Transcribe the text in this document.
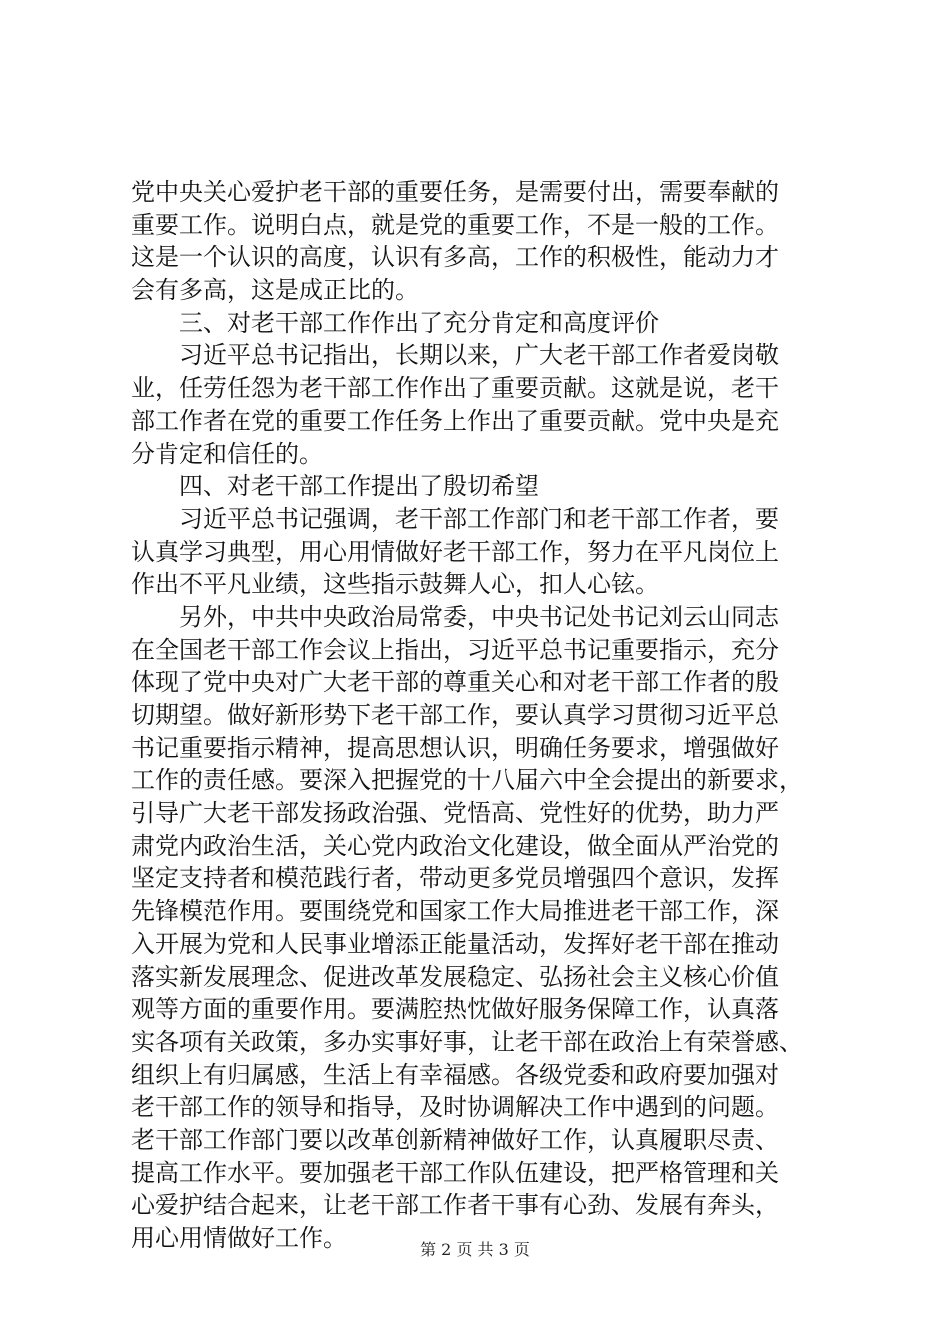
党中央关心爱护老干部的重要任务，是需要付出，需要奉献的
重要工作。说明白点，就是党的重要工作，不是一般的工作。
这是一个认识的高度，认识有多高，工作的积极性，能动力才
会有多高，这是成正比的。
三、对老干部工作作出了充分肯定和高度评价
习近平总书记指出，长期以来，广大老干部工作者爱岗敬
业，任劳任怨为老干部工作作出了重要贡献。这就是说，老干
部工作者在党的重要工作任务上作出了重要贡献。党中央是充
分肯定和信任的。
四、对老干部工作提出了殷切希望
习近平总书记强调，老干部工作部门和老干部工作者，要
认真学习典型，用心用情做好老干部工作，努力在平凡岗位上
作出不平凡业绩，这些指示鼓舞人心，扣人心铉。
另外，中共中央政治局常委，中央书记处书记刘云山同志
在全国老干部工作会议上指出，习近平总书记重要指示，充分
体现了党中央对广大老干部的尊重关心和对老干部工作者的殷
切期望。做好新形势下老干部工作，要认真学习贯彻习近平总
书记重要指示精神，提高思想认识，明确任务要求，增强做好
工作的责任感。要深入把握党的十八届六中全会提出的新要求，
引导广大老干部发扬政治强、党悟高、党性好的优势，助力严
肃党内政治生活，关心党内政治文化建设，做全面从严治党的
坚定支持者和模范践行者，带动更多党员增强四个意识，发挥
先锋模范作用。要围绕党和国家工作大局推进老干部工作，深
入开展为党和人民事业增添正能量活动，发挥好老干部在推动
落实新发展理念、促进改革发展稳定、弘扬社会主义核心价值
观等方面的重要作用。要满腔热忱做好服务保障工作，认真落
实各项有关政策，多办实事好事，让老干部在政治上有荣誉感、
组织上有归属感，生活上有幸福感。各级党委和政府要加强对
老干部工作的领导和指导，及时协调解决工作中遇到的问题。
老干部工作部门要以改革创新精神做好工作，认真履职尽责、
提高工作水平。要加强老干部工作队伍建设，把严格管理和关
心爱护结合起来，让老干部工作者干事有心劲、发展有奔头，
用心用情做好工作。	第 2 页 共 3 页
